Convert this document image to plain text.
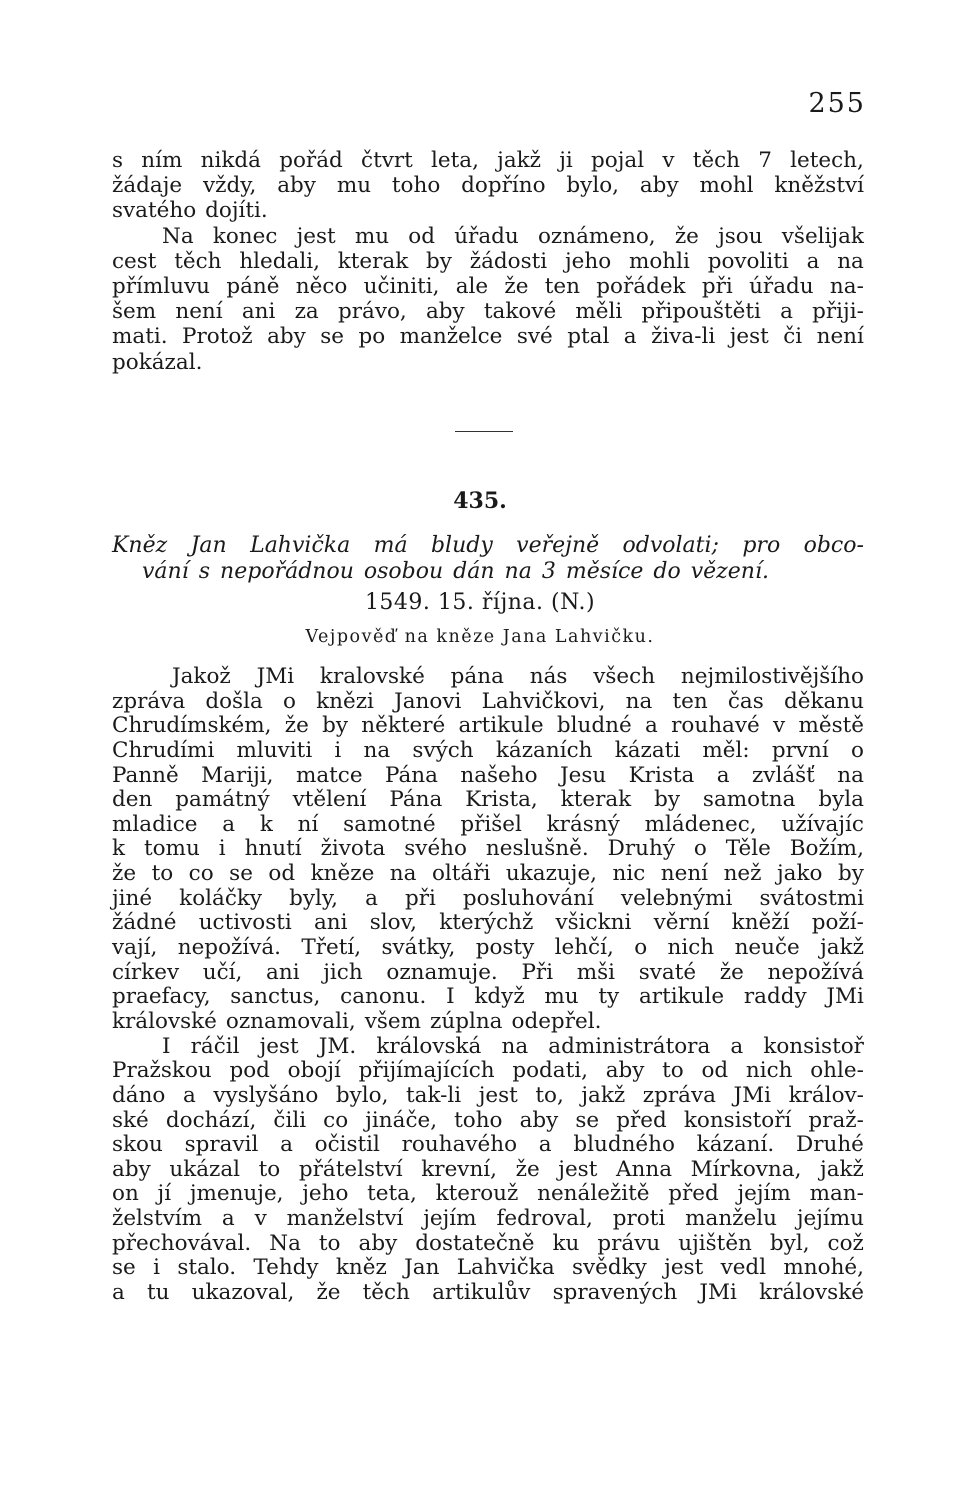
255
s ním nikdá pořád čtvrt leta, jakž ji pojal v těch 7 letech,
žádaje vždy, aby mu toho dopříno bylo, aby mohl kněžství
svatého dojíti.
Na konec jest mu od úřadu oznámeno, že jsou všelijak
cest těch hledali, kterak by žádosti jeho mohli povoliti a na
přímluvu páně něco učiniti, ale že ten pořádek při úřadu na-
šem není ani za právo, aby takové měli připouštěti a přiji-
mati. Protož aby se po manželce své ptal a živa-li jest či není
pokázal.
435.
Kněz Jan Lahvička má bludy veřejně odvolati; pro obco-
vání s nepořádnou osobou dán na 3 měsíce do vězení.
1549. 15. října. (N.)
Vejpověď na kněze Jana Lahvičku.
Jakož JMi kralovské pána nás všech nejmilostivějšího
zpráva došla o knězi Janovi Lahvičkovi, na ten čas děkanu
Chrudímském, že by některé artikule bludné a rouhavé v městě
Chrudími mluviti i na svých kázaních kázati měl: první o
Panně Mariji, matce Pána našeho Jesu Krista a zvlášť na
den památný vtělení Pána Krista, kterak by samotna byla
mladice a k ní samotné přišel krásný mládenec, užívajíc
k tomu i hnutí života svého neslušně. Druhý o Těle Božím,
že to co se od kněze na oltáři ukazuje, nic není než jako by
jiné koláčky byly, a při posluhování velebnými svátostmi
žádné uctivosti ani slov, kterýchž všickni věrní kněží poží-
vají, nepožívá. Třetí, svátky, posty lehčí, o nich neuče jakž
církev učí, ani jich oznamuje. Při mši svaté že nepožívá
praefacy, sanctus, canonu. I když mu ty artikule raddy JMi
královské oznamovali, všem zúplna odepřel.
I ráčil jest JM. královská na administrátora a konsistoř
Pražskou pod obojí přijímajících podati, aby to od nich ohle-
dáno a vyslyšáno bylo, tak-li jest to, jakž zpráva JMi králov-
ské dochází, čili co jináče, toho aby se před konsistoří praž-
skou spravil a očistil rouhavého a bludného kázaní. Druhé
aby ukázal to přátelství krevní, že jest Anna Mírkovna, jakž
on jí jmenuje, jeho teta, kterouž nenáležitě před jejím man-
želstvím a v manželství jejím fedroval, proti manželu jejímu
přechovával. Na to aby dostatečně ku právu ujištěn byl, což
se i stalo. Tehdy kněz Jan Lahvička svědky jest vedl mnohé,
a tu ukazoval, že těch artikulův spravených JMi královské
